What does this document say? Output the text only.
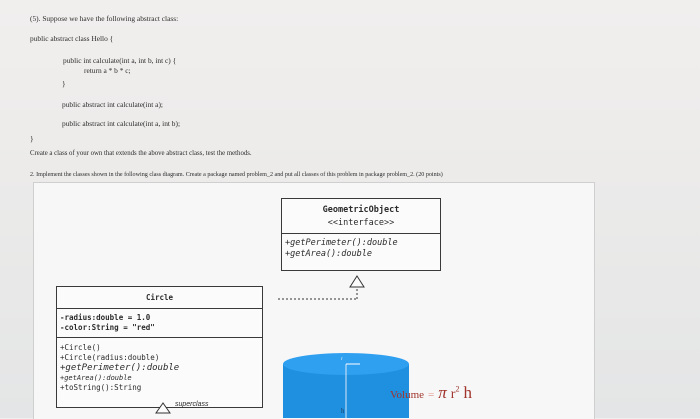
(5). Suppose we have the following abstract class:
public abstract class Hello {
public int calculate(int a, int b, int c) {
return a * b * c;
}
public abstract int calculate(int a);
public abstract int calculate(int a, int b);
}
Create a class of your own that extends the above abstract class, test the methods.
2. Implement the classes shown in the following class diagram. Create a package named problem_2 and put all classes of this problem in package problem_2. (20 points)
GeometricObject
<<interface>>
+getPerimeter():double
+getArea():double
Circle
-radius:double = 1.0
-color:String = "red"
+Circle()
+Circle(radius:double)
+getPerimeter():double
+getArea():double
+toString():String
superclass
r
h
Volume = π $r^2$ h
